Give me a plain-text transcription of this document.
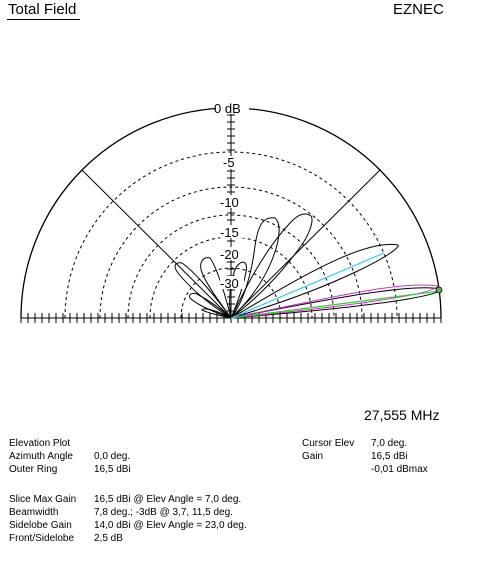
Total Field	EZNEC
0 dB
-5
-10
-15
-20
-30
27,555 MHz
Elevation Plot
Azimuth Angle 0,0 deg.
Outer Ring	16,5 dBi
Cursor Elev 7,0 deg.
Gain	16,5 dBi
-0,01 dBmax
Slice Max Gain 16,5 dBi @ Elev Angle = 7,0 deg.
Beamwidth	7,8 deg.; -3dB @ 3,7, 11,5 deg.
Sidelobe Gain 14,0 dBi @ Elev Angle = 23,0 deg.
Front/Sidelobe 2,5 dB
